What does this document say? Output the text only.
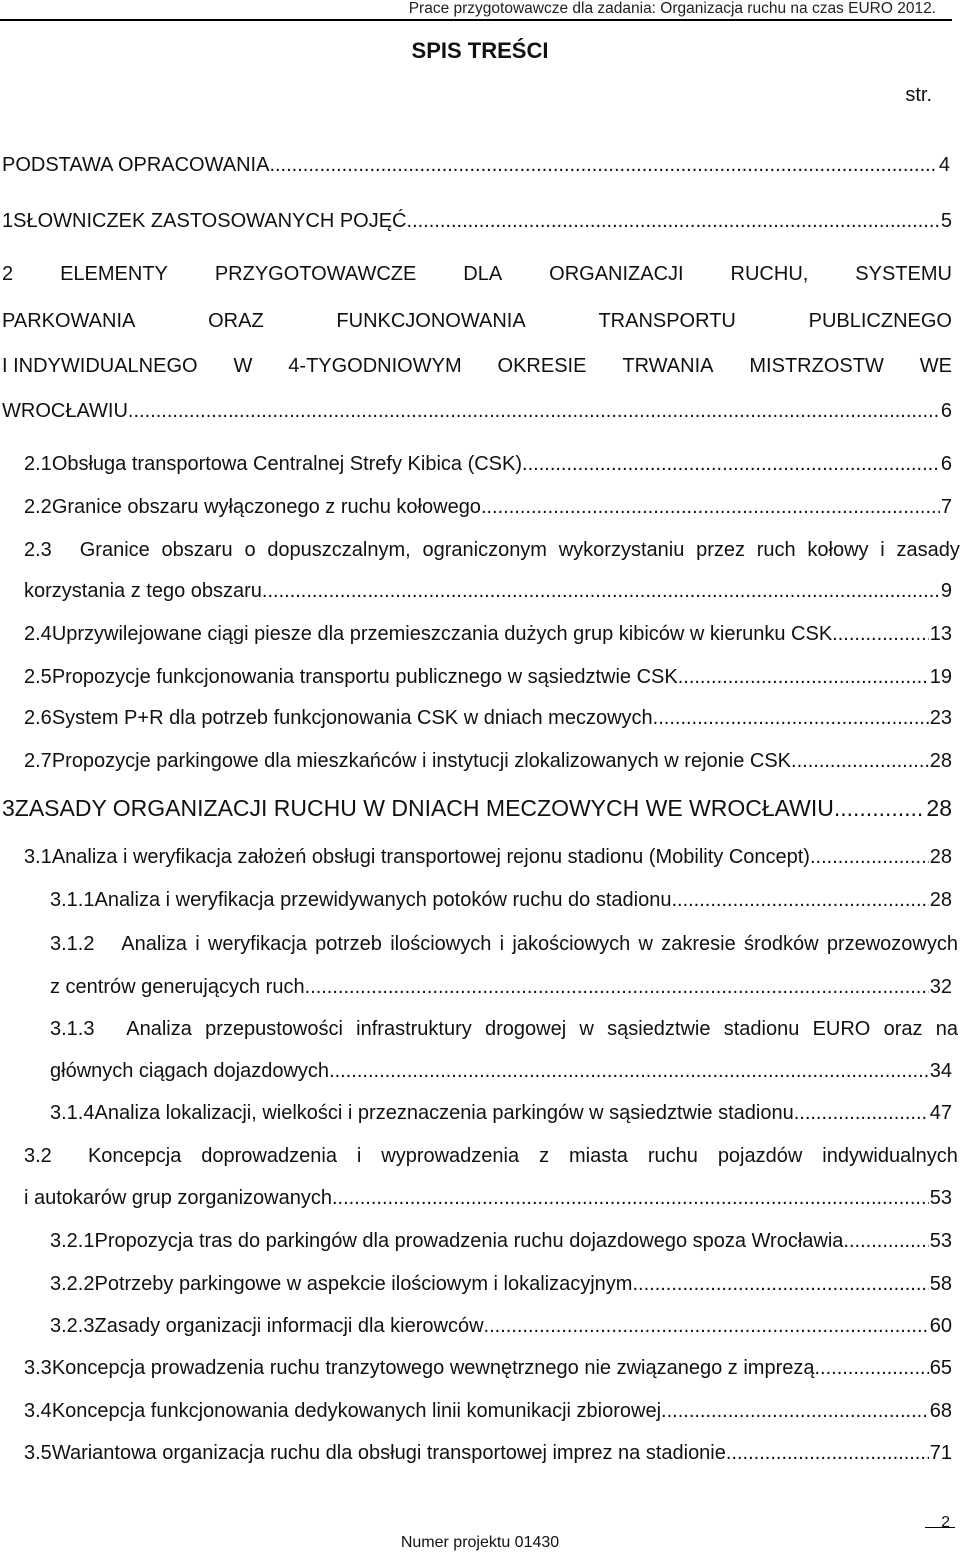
Prace przygotowawcze dla zadania: Organizacja ruchu na czas EURO 2012.
SPIS TREŚCI
str.
PODSTAWA OPRACOWANIA .....	4
1 SŁOWNICZEK ZASTOSOWANYCH POJĘĆ .....	5
2 ELEMENTY PRZYGOTOWAWCZE DLA ORGANIZACJI RUCHU, SYSTEMU
PARKOWANIA	ORAZ	FUNKCJONOWANIA	TRANSPORTU	PUBLICZNEGO
I INDYWIDUALNEGO W 4-TYGODNIOWYM OKRESIE TRWANIA MISTRZOSTW WE
WROCŁAWIU .....	6
2.1 Obsługa transportowa Centralnej Strefy Kibica (CSK) .....	6
2.2 Granice obszaru wyłączonego z ruchu kołowego .....	7
2.3	Granice obszaru o dopuszczalnym, ograniczonym wykorzystaniu przez ruch kołowy i zasady
korzystania z tego obszaru .....	9
2.4 Uprzywilejowane ciągi piesze dla przemieszczania dużych grup kibiców w kierunku CSK .....	13
2.5 Propozycje funkcjonowania transportu publicznego w sąsiedztwie CSK .....	19
2.6 System P+R dla potrzeb funkcjonowania CSK w dniach meczowych .....	23
2.7 Propozycje parkingowe dla mieszkańców i instytucji zlokalizowanych w rejonie CSK .....	28
3 ZASADY ORGANIZACJI RUCHU W DNIACH MECZOWYCH WE WROCŁAWIU .....	28
3.1 Analiza i weryfikacja założeń obsługi transportowej rejonu stadionu (Mobility Concept) .....	28
3.1.1 Analiza i weryfikacja przewidywanych potoków ruchu do stadionu .....	28
3.1.2	Analiza i weryfikacja potrzeb ilościowych i jakościowych w zakresie środków przewozowych
z centrów generujących ruch .....	32
3.1.3	Analiza przepustowości infrastruktury drogowej w sąsiedztwie stadionu EURO oraz na
głównych ciągach dojazdowych .....	34
3.1.4 Analiza lokalizacji, wielkości i przeznaczenia parkingów w sąsiedztwie stadionu .....	47
3.2	Koncepcja doprowadzenia i wyprowadzenia z miasta ruchu pojazdów indywidualnych
i autokarów grup zorganizowanych .....	53
3.2.1 Propozycja tras do parkingów dla prowadzenia ruchu dojazdowego spoza Wrocławia .....	53
3.2.2 Potrzeby parkingowe w aspekcie ilościowym i lokalizacyjnym .....	58
3.2.3 Zasady organizacji informacji dla kierowców .....	60
3.3 Koncepcja prowadzenia ruchu tranzytowego wewnętrznego nie związanego z imprezą .....	65
3.4 Koncepcja funkcjonowania dedykowanych linii komunikacji zbiorowej .....	68
3.5 Wariantowa organizacja ruchu dla obsługi transportowej imprez na stadionie .....	71
2
Numer projektu 01430
